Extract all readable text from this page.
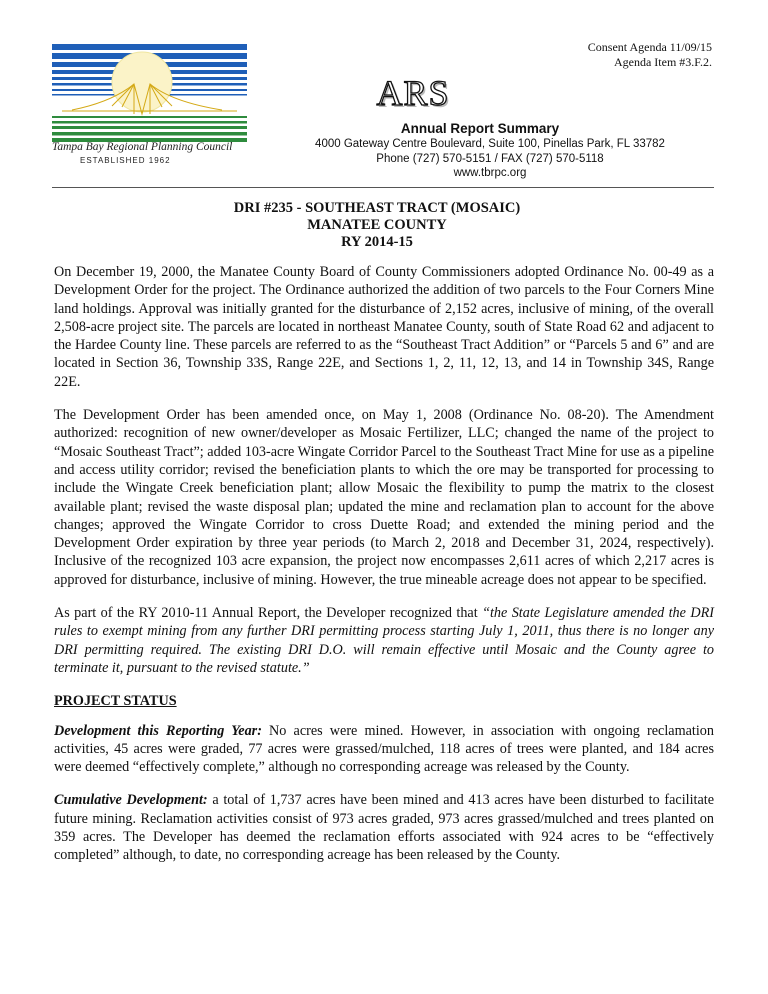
Tampa Bay Regional Planning Council
ESTABLISHED 1962
Consent Agenda 11/09/15
Agenda Item #3.F.2.
ARS
Annual Report Summary
4000 Gateway Centre Boulevard, Suite 100, Pinellas Park, FL 33782
Phone (727) 570-5151 / FAX (727) 570-5118
www.tbrpc.org
DRI #235 - SOUTHEAST TRACT (MOSAIC)
MANATEE COUNTY
RY 2014-15

On December 19, 2000, the Manatee County Board of County Commissioners adopted Ordinance No. 00-49 as a Development Order for the project. The Ordinance authorized the addition of two parcels to the Four Corners Mine land holdings. Approval was initially granted for the disturbance of 2,152 acres, inclusive of mining, of the overall 2,508-acre project site. The parcels are located in northeast Manatee County, south of State Road 62 and adjacent to the Hardee County line. These parcels are referred to as the “Southeast Tract Addition” or “Parcels 5 and 6” and are located in Section 36, Township 33S, Range 22E, and Sections 1, 2, 11, 12, 13, and 14 in Township 34S, Range 22E.

The Development Order has been amended once, on May 1, 2008 (Ordinance No. 08-20). The Amendment authorized: recognition of new owner/developer as Mosaic Fertilizer, LLC; changed the name of the project to “Mosaic Southeast Tract”; added 103-acre Wingate Corridor Parcel to the Southeast Tract Mine for use as a pipeline and access utility corridor; revised the beneficiation plants to which the ore may be transported for processing to include the Wingate Creek beneficiation plant; allow Mosaic the flexibility to pump the matrix to the closest available plant; revised the waste disposal plan; updated the mine and reclamation plan to account for the above changes; approved the Wingate Corridor to cross Duette Road; and extended the mining period and the Development Order expiration by three year periods (to March 2, 2018 and December 31, 2024, respectively). Inclusive of the recognized 103 acre expansion, the project now encompasses 2,611 acres of which 2,217 acres is approved for disturbance, inclusive of mining. However, the true mineable acreage does not appear to be specified.

As part of the RY 2010-11 Annual Report, the Developer recognized that “the State Legislature amended the DRI rules to exempt mining from any further DRI permitting process starting July 1, 2011, thus there is no longer any DRI permitting required. The existing DRI D.O. will remain effective until Mosaic and the County agree to terminate it, pursuant to the revised statute.”

PROJECT STATUS

Development this Reporting Year: No acres were mined. However, in association with ongoing reclamation activities, 45 acres were graded, 77 acres were grassed/mulched, 118 acres of trees were planted, and 184 acres were deemed “effectively complete,” although no corresponding acreage was released by the County.

Cumulative Development: a total of 1,737 acres have been mined and 413 acres have been disturbed to facilitate future mining. Reclamation activities consist of 973 acres graded, 973 acres grassed/mulched and trees planted on 359 acres. The Developer has deemed the reclamation efforts associated with 924 acres to be “effectively completed” although, to date, no corresponding acreage has been released by the County.
